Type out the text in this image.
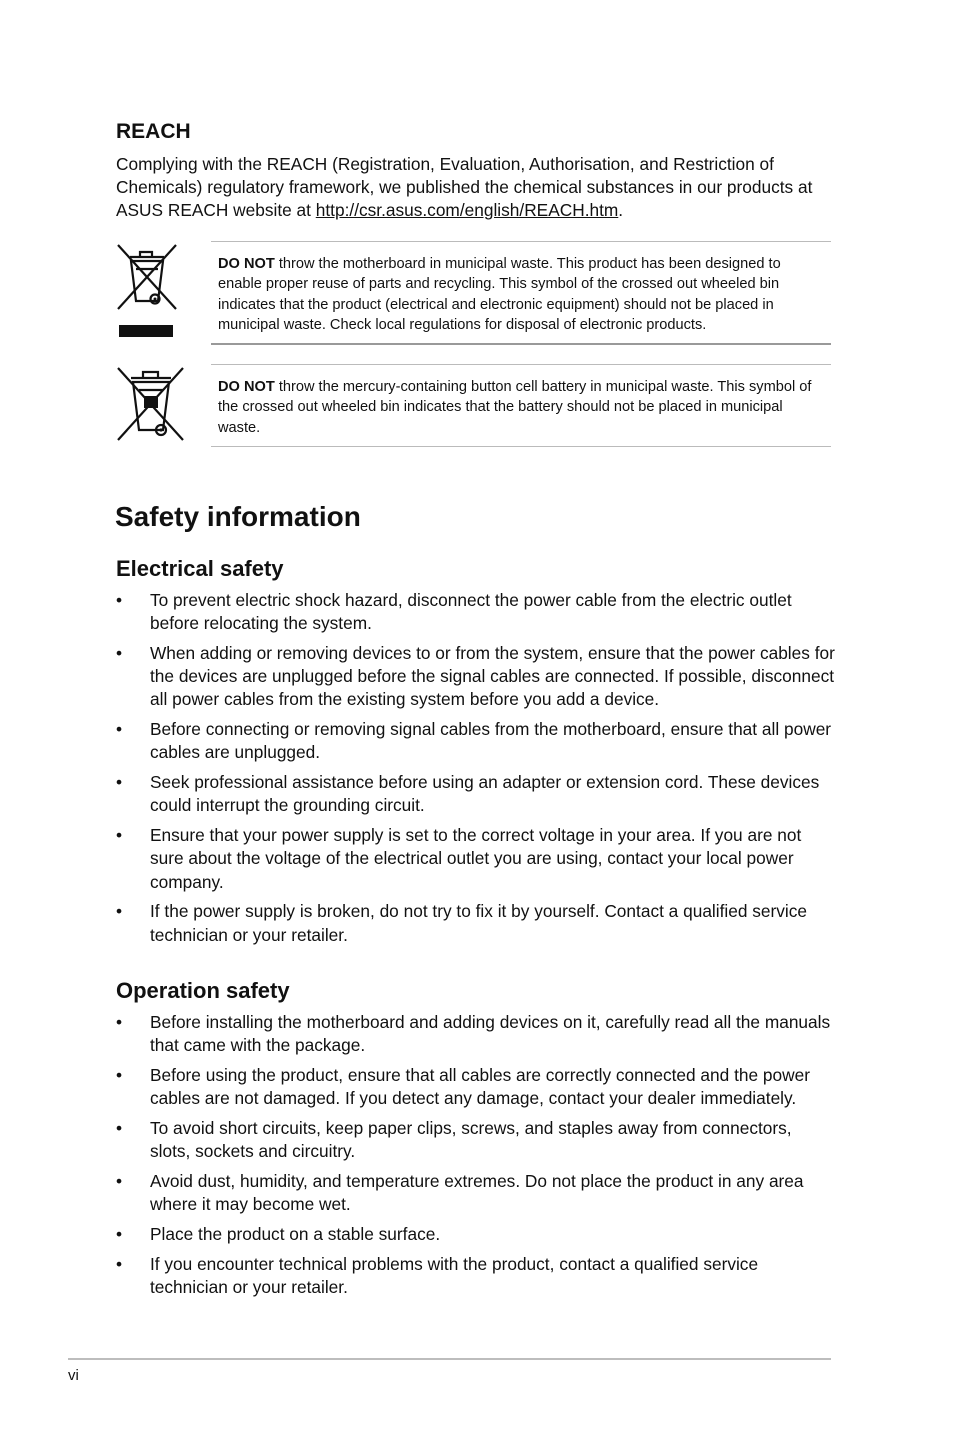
REACH

Complying with the REACH (Registration, Evaluation, Authorisation, and Restriction of Chemicals) regulatory framework, we published the chemical substances in our products at ASUS REACH website at http://csr.asus.com/english/REACH.htm.

DO NOT throw the motherboard in municipal waste. This product has been designed to enable proper reuse of parts and recycling. This symbol of the crossed out wheeled bin indicates that the product (electrical and electronic equipment) should not be placed in municipal waste. Check local regulations for disposal of electronic products.

DO NOT throw the mercury-containing button cell battery in municipal waste. This symbol of the crossed out wheeled bin indicates that the battery should not be placed in municipal waste.

Safety information
Electrical safety
• To prevent electric shock hazard, disconnect the power cable from the electric outlet before relocating the system.
• When adding or removing devices to or from the system, ensure that the power cables for the devices are unplugged before the signal cables are connected. If possible, disconnect all power cables from the existing system before you add a device.
• Before connecting or removing signal cables from the motherboard, ensure that all power cables are unplugged.
• Seek professional assistance before using an adapter or extension cord. These devices could interrupt the grounding circuit.
• Ensure that your power supply is set to the correct voltage in your area. If you are not sure about the voltage of the electrical outlet you are using, contact your local power company.
• If the power supply is broken, do not try to fix it by yourself. Contact a qualified service technician or your retailer.
Operation safety
• Before installing the motherboard and adding devices on it, carefully read all the manuals that came with the package.
• Before using the product, ensure that all cables are correctly connected and the power cables are not damaged. If you detect any damage, contact your dealer immediately.
• To avoid short circuits, keep paper clips, screws, and staples away from connectors, slots, sockets and circuitry.
• Avoid dust, humidity, and temperature extremes. Do not place the product in any area where it may become wet.
• Place the product on a stable surface.
• If you encounter technical problems with the product, contact a qualified service technician or your retailer.

vi
